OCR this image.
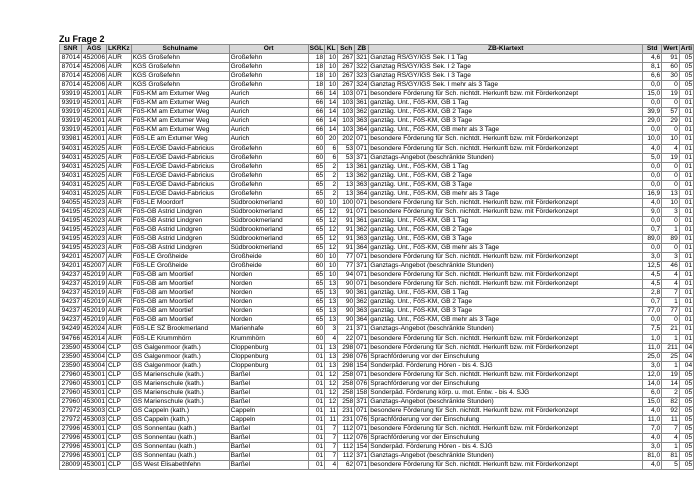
Zu Frage 2
SNR	AGS	LKRKz	Schulname	Ort	SGL	KL	Sch	ZB	ZB-Klartext	Std	Wert	Arti
87014	452006	AUR	KGS Großefehn	Großefehn	18	10	267	321	Ganztag RS/GY/IGS Sek. I 1 Tag	4,6	91	05
87014	452006	AUR	KGS Großefehn	Großefehn	18	10	267	322	Ganztag RS/GY/IGS Sek. I 2 Tage	8,1	60	05
87014	452006	AUR	KGS Großefehn	Großefehn	18	10	267	323	Ganztag RS/GY/IGS Sek. I 3 Tage	6,6	30	05
87014	452006	AUR	KGS Großefehn	Großefehn	18	10	267	324	Ganztag RS/GY/IGS Sek. I mehr als 3 Tage	0,0	0	05
93919	452001	AUR	FöS-KM am Extumer Weg	Aurich	66	14	103	071	besondere Förderung für Sch. nichtdt. Herkunft bzw. mit Förderkonzept	15,0	19	01
93919	452001	AUR	FöS-KM am Extumer Weg	Aurich	66	14	103	361	ganztäg. Unt., FöS-KM, GB 1 Tag	0,0	0	01
93919	452001	AUR	FöS-KM am Extumer Weg	Aurich	66	14	103	362	ganztäg. Unt., FöS-KM, GB 2 Tage	39,9	57	01
93919	452001	AUR	FöS-KM am Extumer Weg	Aurich	66	14	103	363	ganztäg. Unt., FöS-KM, GB 3 Tage	29,0	29	01
93919	452001	AUR	FöS-KM am Extumer Weg	Aurich	66	14	103	364	ganztäg. Unt., FöS-KM, GB mehr als 3 Tage	0,0	0	01
93981	452001	AUR	FöS-LE am Extumer Weg	Aurich	60	20	202	071	besondere Förderung für Sch. nichtdt. Herkunft bzw. mit Förderkonzept	10,0	10	01
94031	452025	AUR	FöS-LE/GE David-Fabricius	Großefehn	60	6	53	071	besondere Förderung für Sch. nichtdt. Herkunft bzw. mit Förderkonzept	4,0	4	01
94031	452025	AUR	FöS-LE/GE David-Fabricius	Großefehn	60	6	53	371	Ganztags-Angebot (beschränkte Stunden)	5,0	19	01
94031	452025	AUR	FöS-LE/GE David-Fabricius	Großefehn	65	2	13	361	ganztäg. Unt., FöS-KM, GB 1 Tag	0,0	0	01
94031	452025	AUR	FöS-LE/GE David-Fabricius	Großefehn	65	2	13	362	ganztäg. Unt., FöS-KM, GB 2 Tage	0,0	0	01
94031	452025	AUR	FöS-LE/GE David-Fabricius	Großefehn	65	2	13	363	ganztäg. Unt., FöS-KM, GB 3 Tage	0,0	0	01
94031	452025	AUR	FöS-LE/GE David-Fabricius	Großefehn	65	2	13	364	ganztäg. Unt., FöS-KM, GB mehr als 3 Tage	16,9	13	01
94055	452023	AUR	FöS-LE Moordorf	Südbrookmerland	60	10	100	071	besondere Förderung für Sch. nichtdt. Herkunft bzw. mit Förderkonzept	4,0	10	01
94195	452023	AUR	FöS-GB Astrid Lindgren	Südbrookmerland	65	12	91	071	besondere Förderung für Sch. nichtdt. Herkunft bzw. mit Förderkonzept	9,0	3	01
94195	452023	AUR	FöS-GB Astrid Lindgren	Südbrookmerland	65	12	91	361	ganztäg. Unt., FöS-KM, GB 1 Tag	0,0	0	01
94195	452023	AUR	FöS-GB Astrid Lindgren	Südbrookmerland	65	12	91	362	ganztäg. Unt., FöS-KM, GB 2 Tage	0,7	1	01
94195	452023	AUR	FöS-GB Astrid Lindgren	Südbrookmerland	65	12	91	363	ganztäg. Unt., FöS-KM, GB 3 Tage	89,0	89	01
94195	452023	AUR	FöS-GB Astrid Lindgren	Südbrookmerland	65	12	91	364	ganztäg. Unt., FöS-KM, GB mehr als 3 Tage	0,0	0	01
94201	452007	AUR	FöS-LE Großheide	Großheide	60	10	77	071	besondere Förderung für Sch. nichtdt. Herkunft bzw. mit Förderkonzept	3,0	3	01
94201	452007	AUR	FöS-LE Großheide	Großheide	60	10	77	371	Ganztags-Angebot (beschränkte Stunden)	12,5	46	01
94237	452019	AUR	FöS-GB am Moortief	Norden	65	10	94	071	besondere Förderung für Sch. nichtdt. Herkunft bzw. mit Förderkonzept	4,5	4	01
94237	452019	AUR	FöS-GB am Moortief	Norden	65	13	90	071	besondere Förderung für Sch. nichtdt. Herkunft bzw. mit Förderkonzept	4,5	4	01
94237	452019	AUR	FöS-GB am Moortief	Norden	65	13	90	361	ganztäg. Unt., FöS-KM, GB 1 Tag	2,8	7	01
94237	452019	AUR	FöS-GB am Moortief	Norden	65	13	90	362	ganztäg. Unt., FöS-KM, GB 2 Tage	0,7	1	01
94237	452019	AUR	FöS-GB am Moortief	Norden	65	13	90	363	ganztäg. Unt., FöS-KM, GB 3 Tage	77,0	77	01
94237	452019	AUR	FöS-GB am Moortief	Norden	65	13	90	364	ganztäg. Unt., FöS-KM, GB mehr als 3 Tage	0,0	0	01
94249	452024	AUR	FöS-LE SZ Brookmerland	Marienhafe	60	3	21	371	Ganztags-Angebot (beschränkte Stunden)	7,5	21	01
94766	452014	AUR	FöS-LE Krummhörn	Krummhörn	60	4	22	071	besondere Förderung für Sch. nichtdt. Herkunft bzw. mit Förderkonzept	1,0	1	01
23590	453004	CLP	GS Galgenmoor (kath.)	Cloppenburg	01	13	298	071	besondere Förderung für Sch. nichtdt. Herkunft bzw. mit Förderkonzept	11,0	211	04
23590	453004	CLP	GS Galgenmoor (kath.)	Cloppenburg	01	13	298	076	Sprachförderung vor der Einschulung	25,0	25	04
23590	453004	CLP	GS Galgenmoor (kath.)	Cloppenburg	01	13	298	154	Sonderpäd. Förderung Hören - bis 4. SJG	3,0	1	04
27960	453001	CLP	GS Marienschule (kath.)	Barßel	01	12	258	071	besondere Förderung für Sch. nichtdt. Herkunft bzw. mit Förderkonzept	12,0	19	05
27960	453001	CLP	GS Marienschule (kath.)	Barßel	01	12	258	076	Sprachförderung vor der Einschulung	14,0	14	05
27960	453001	CLP	GS Marienschule (kath.)	Barßel	01	12	258	158	Sonderpäd. Förderung körp. u. mot. Entw. - bis 4. SJG	6,0	2	05
27960	453001	CLP	GS Marienschule (kath.)	Barßel	01	12	258	371	Ganztags-Angebot (beschränkte Stunden)	15,0	82	05
27972	453003	CLP	GS Cappeln (kath.)	Cappeln	01	11	231	071	besondere Förderung für Sch. nichtdt. Herkunft bzw. mit Förderkonzept	4,0	92	05
27972	453003	CLP	GS Cappeln (kath.)	Cappeln	01	11	231	076	Sprachförderung vor der Einschulung	11,0	11	05
27996	453001	CLP	GS Sonnentau (kath.)	Barßel	01	7	112	071	besondere Förderung für Sch. nichtdt. Herkunft bzw. mit Förderkonzept	7,0	7	05
27996	453001	CLP	GS Sonnentau (kath.)	Barßel	01	7	112	076	Sprachförderung vor der Einschulung	4,0	4	05
27996	453001	CLP	GS Sonnentau (kath.)	Barßel	01	7	112	154	Sonderpäd. Förderung Hören - bis 4. SJG	3,0	1	05
27996	453001	CLP	GS Sonnentau (kath.)	Barßel	01	7	112	371	Ganztags-Angebot (beschränkte Stunden)	81,0	81	05
28009	453001	CLP	GS West Elisabethfehn	Barßel	01	4	62	071	besondere Förderung für Sch. nichtdt. Herkunft bzw. mit Förderkonzept	4,0	5	05
